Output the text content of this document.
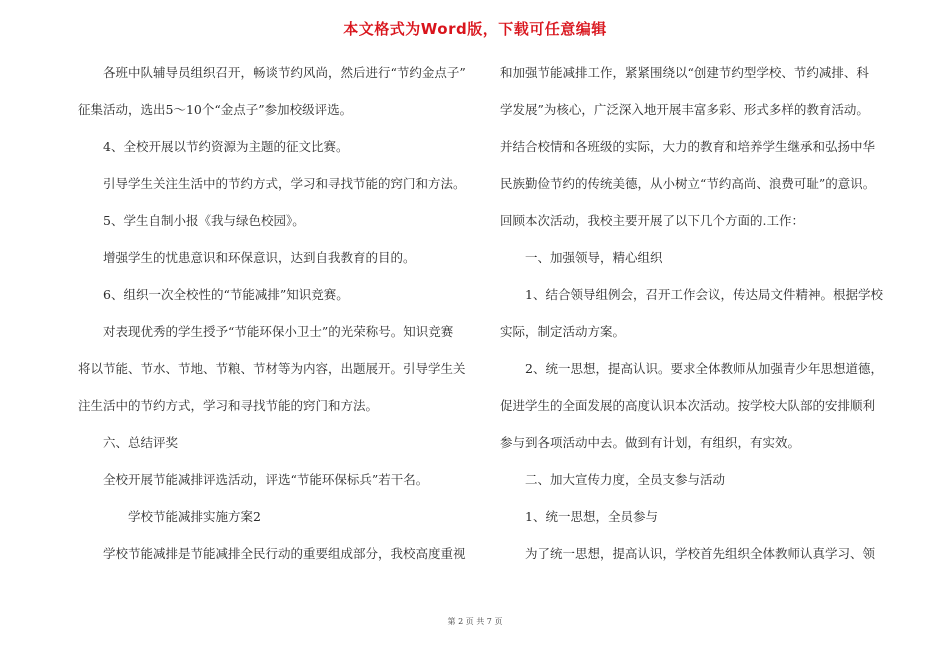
本文格式为Word版，下载可任意编辑
各班中队辅导员组织召开，畅谈节约风尚，然后进行“节约金点子”
征集活动，选出5～10个“金点子”参加校级评选。
4、全校开展以节约资源为主题的征文比赛。
引导学生关注生活中的节约方式，学习和寻找节能的窍门和方法。
5、学生自制小报《我与绿色校园》。
增强学生的忧患意识和环保意识，达到自我教育的目的。
6、组织一次全校性的“节能减排”知识竞赛。
对表现优秀的学生授予“节能环保小卫士”的光荣称号。知识竞赛
将以节能、节水、节地、节粮、节材等为内容，出题展开。引导学生关
注生活中的节约方式，学习和寻找节能的窍门和方法。
六、总结评奖
全校开展节能减排评选活动，评选“节能环保标兵”若干名。
学校节能减排实施方案2
学校节能减排是节能减排全民行动的重要组成部分，我校高度重视
和加强节能减排工作，紧紧围绕以“创建节约型学校、节约减排、科
学发展”为核心，广泛深入地开展丰富多彩、形式多样的教育活动。
并结合校情和各班级的实际，大力的教育和培养学生继承和弘扬中华
民族勤俭节约的传统美德，从小树立“节约高尚、浪费可耻”的意识。
回顾本次活动，我校主要开展了以下几个方面的.工作：
一、加强领导，精心组织
1、结合领导组例会，召开工作会议，传达局文件精神。根据学校
实际，制定活动方案。
2、统一思想，提高认识。要求全体教师从加强青少年思想道德，
促进学生的全面发展的高度认识本次活动。按学校大队部的安排顺利
参与到各项活动中去。做到有计划，有组织，有实效。
二、加大宣传力度，全员支参与活动
1、统一思想，全员参与
为了统一思想，提高认识，学校首先组织全体教师认真学习、领
第 2 页 共 7 页
